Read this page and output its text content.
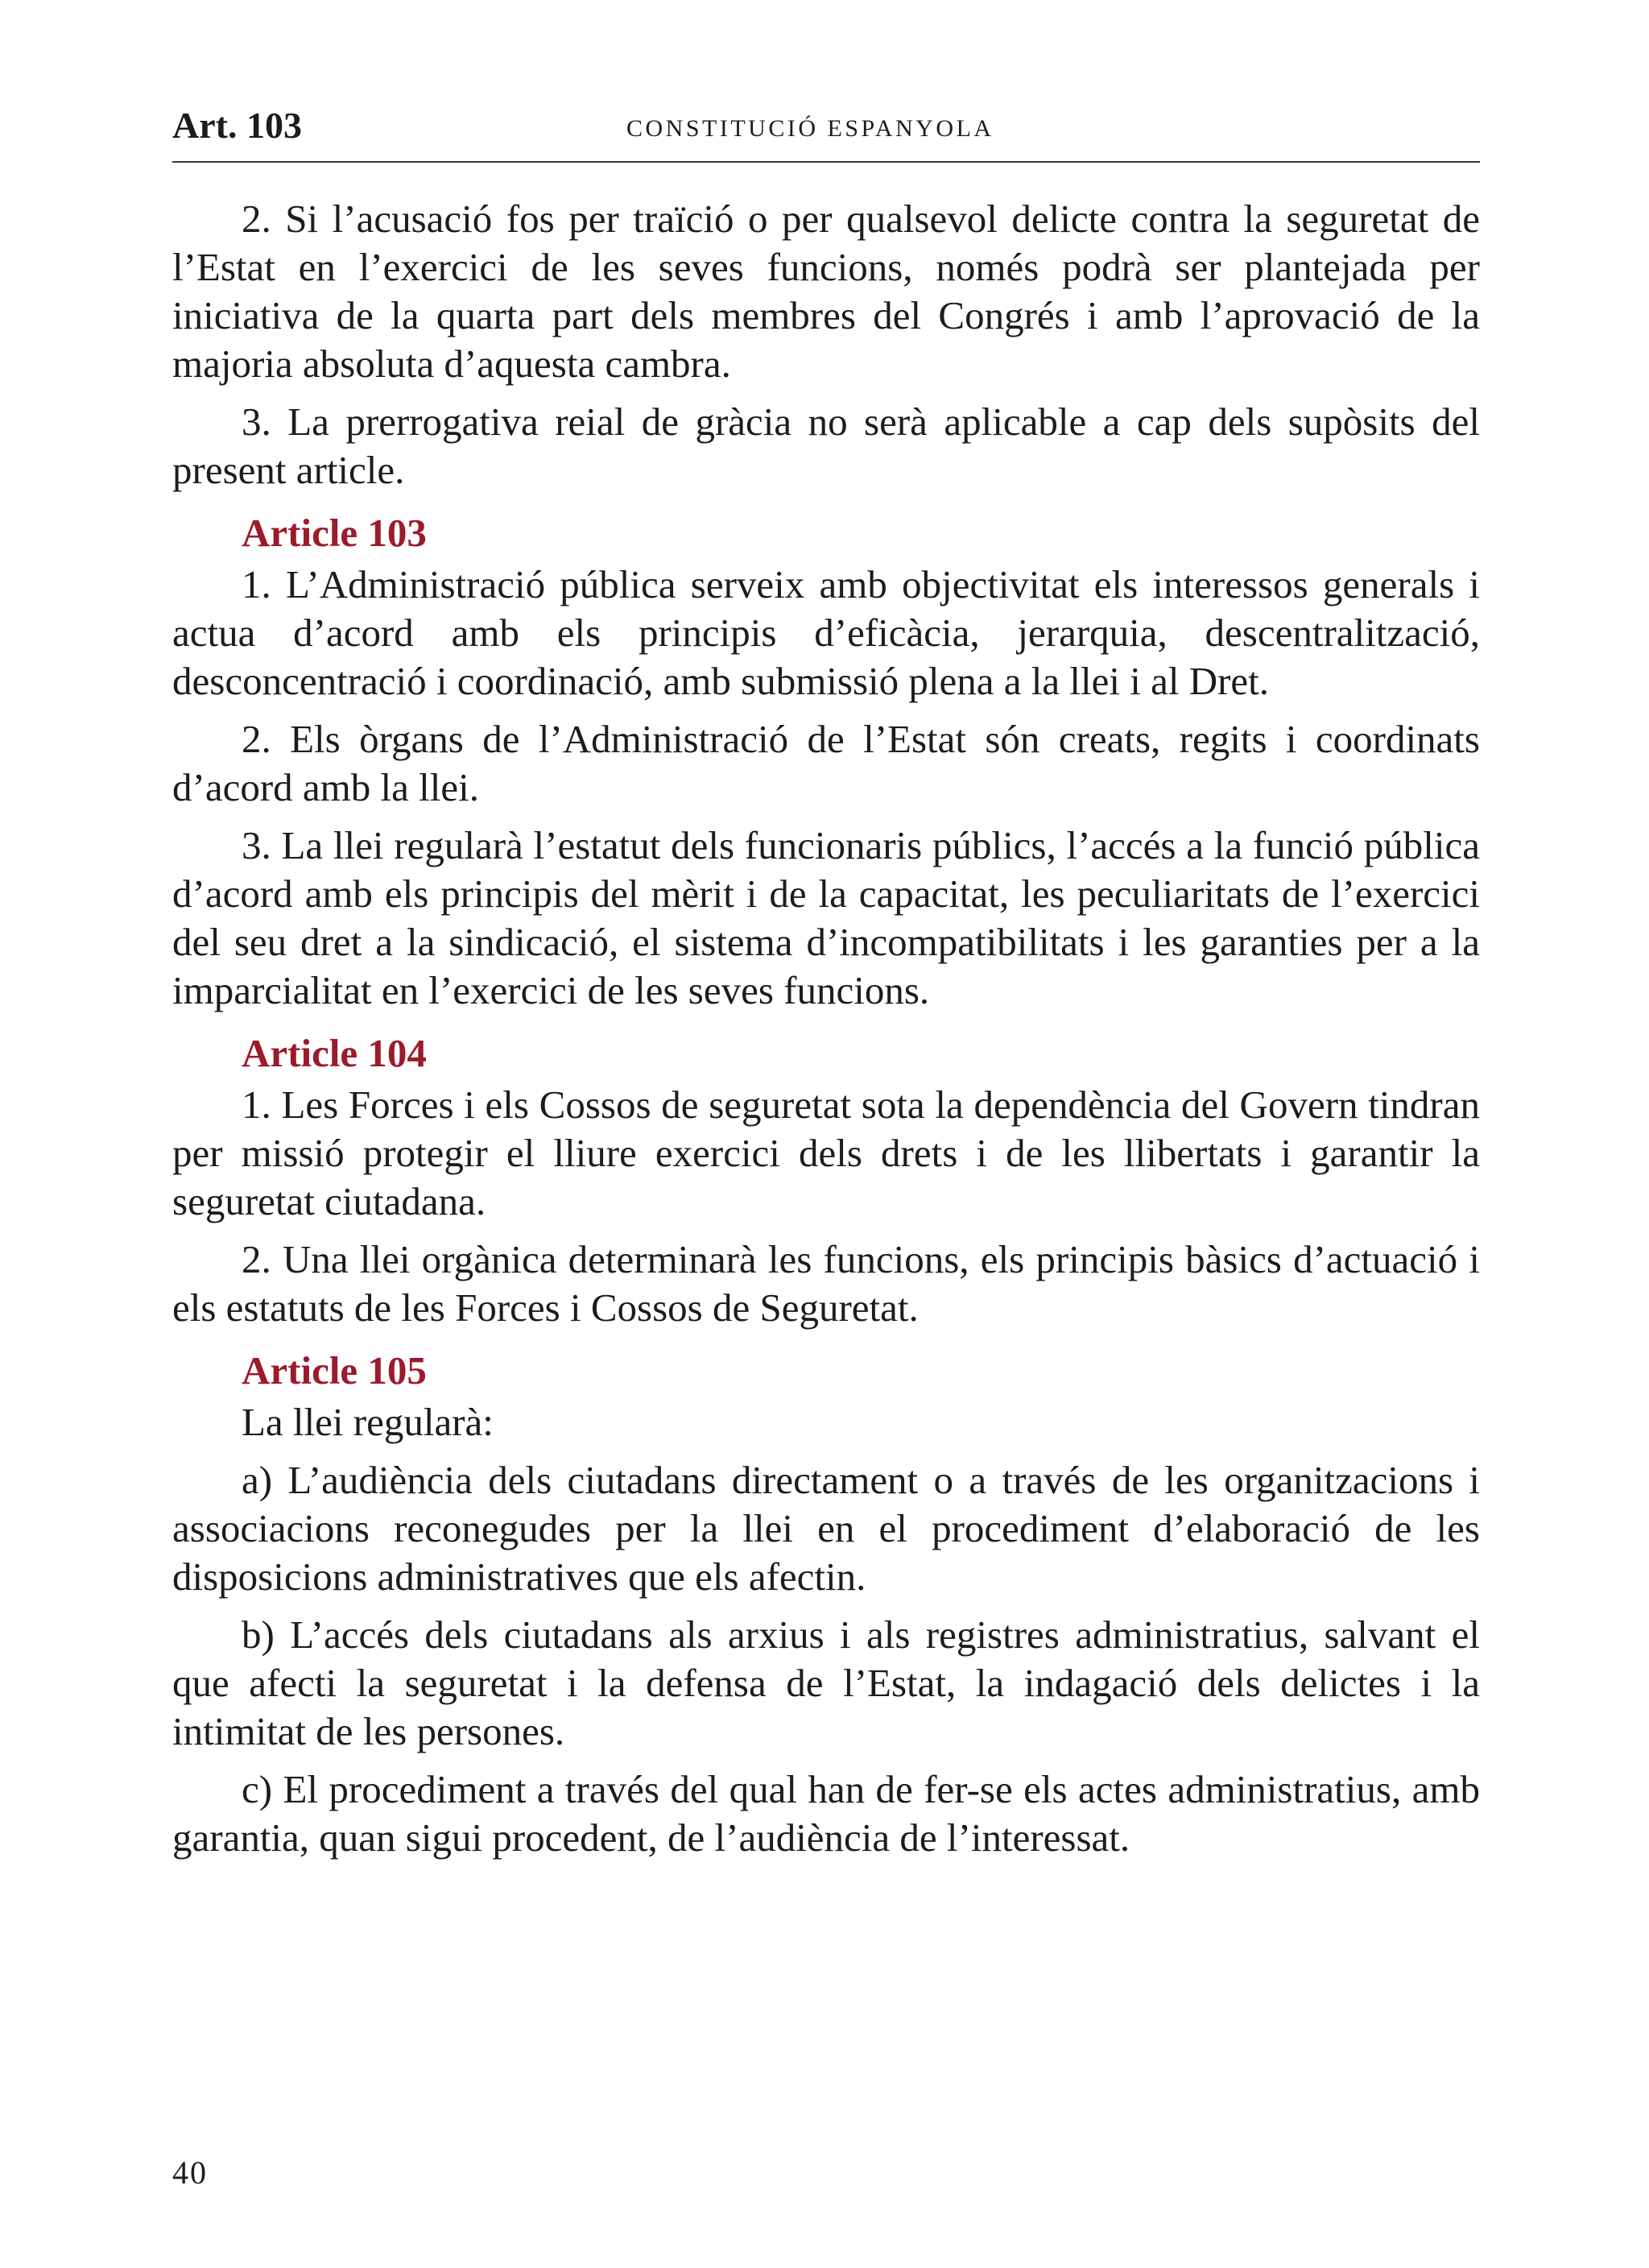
Art. 103	CONSTITUCIÓ ESPANYOLA

2. Si l’acusació fos per traïció o per qualsevol delicte contra la seguretat de l’Estat en l’exercici de les seves funcions, només podrà ser plantejada per iniciativa de la quarta part dels membres del Congrés i amb l’aprovació de la majoria absoluta d’aquesta cambra.

3. La prerrogativa reial de gràcia no serà aplicable a cap dels supòsits del present article.

Article 103

1. L’Administració pública serveix amb objectivitat els interessos generals i actua d’acord amb els principis d’eficàcia, jerarquia, descentralització, desconcentració i coordinació, amb submissió plena a la llei i al Dret.

2. Els òrgans de l’Administració de l’Estat són creats, regits i coordinats d’acord amb la llei.

3. La llei regularà l’estatut dels funcionaris públics, l’accés a la funció pública d’acord amb els principis del mèrit i de la capacitat, les peculiaritats de l’exercici del seu dret a la sindicació, el sistema d’incompatibilitats i les garanties per a la imparcialitat en l’exercici de les seves funcions.

Article 104

1. Les Forces i els Cossos de seguretat sota la dependència del Govern tindran per missió protegir el lliure exercici dels drets i de les llibertats i garantir la seguretat ciutadana.

2. Una llei orgànica determinarà les funcions, els principis bàsics d’actuació i els estatuts de les Forces i Cossos de Seguretat.

Article 105

La llei regularà:

a) L’audiència dels ciutadans directament o a través de les organitzacions i associacions reconegudes per la llei en el procediment d’elaboració de les disposicions administratives que els afectin.

b) L’accés dels ciutadans als arxius i als registres administratius, salvant el que afecti la seguretat i la defensa de l’Estat, la indagació dels delictes i la intimitat de les persones.

c) El procediment a través del qual han de fer-se els actes administratius, amb garantia, quan sigui procedent, de l’audiència de l’interessat.

40
